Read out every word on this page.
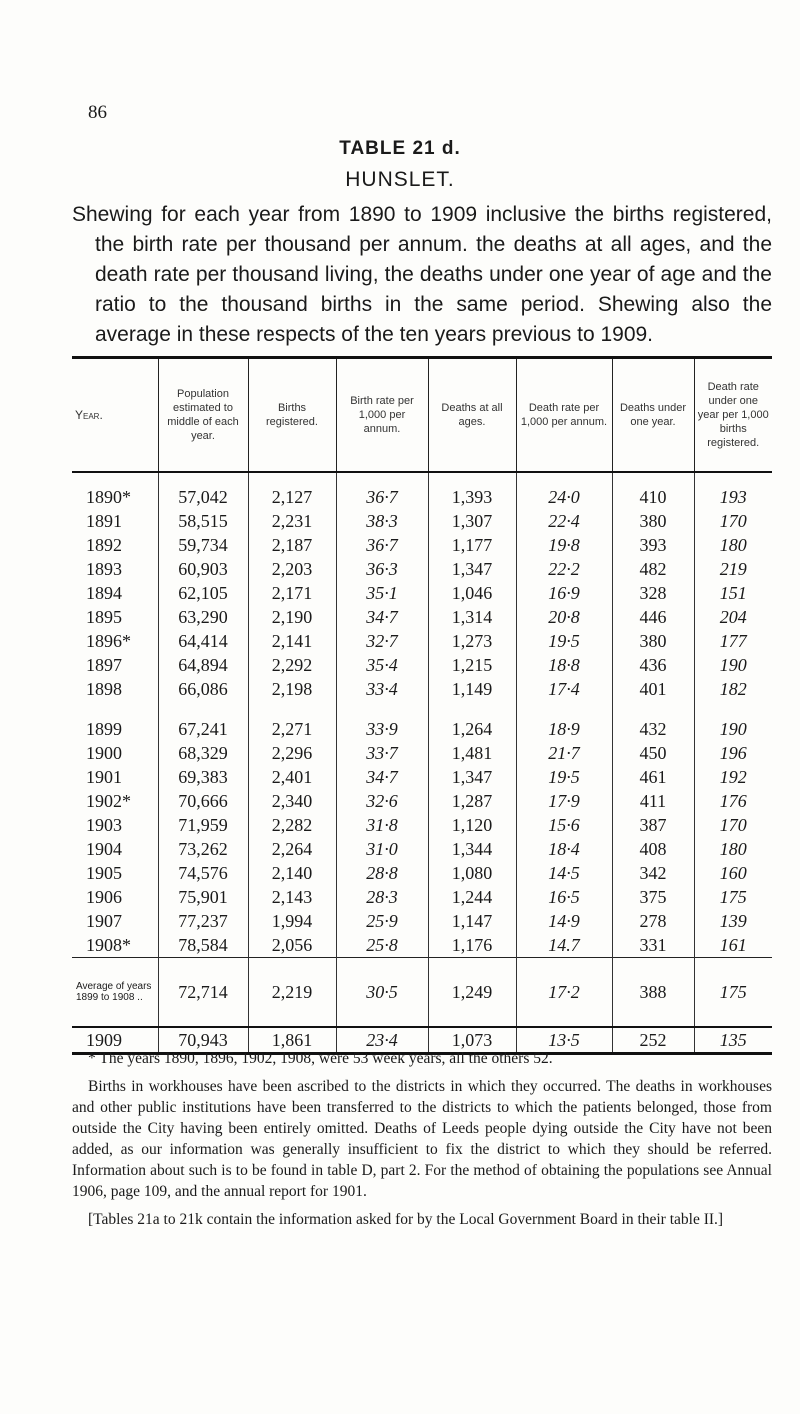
86
TABLE 21 d.
HUNSLET.
Shewing for each year from 1890 to 1909 inclusive the births registered, the birth rate per thousand per annum. the deaths at all ages, and the death rate per thousand living, the deaths under one year of age and the ratio to the thousand births in the same period. Shewing also the average in these respects of the ten years previous to 1909.
Year.	Population estimated to middle of each year.	Births registered.	Birth rate per 1,000 per annum.	Deaths at all ages.	Death rate per 1,000 per annum.	Deaths under one year.	Death rate under one year per 1,000 births registered.
1890*	57,042	2,127	36·7	1,393	24·0	410	193
1891	58,515	2,231	38·3	1,307	22·4	380	170
1892	59,734	2,187	36·7	1,177	19·8	393	180
1893	60,903	2,203	36·3	1,347	22·2	482	219
1894	62,105	2,171	35·1	1,046	16·9	328	151
1895	63,290	2,190	34·7	1,314	20·8	446	204
1896*	64,414	2,141	32·7	1,273	19·5	380	177
1897	64,894	2,292	35·4	1,215	18·8	436	190
1898	66,086	2,198	33·4	1,149	17·4	401	182
1899	67,241	2,271	33·9	1,264	18·9	432	190
1900	68,329	2,296	33·7	1,481	21·7	450	196
1901	69,383	2,401	34·7	1,347	19·5	461	192
1902*	70,666	2,340	32·6	1,287	17·9	411	176
1903	71,959	2,282	31·8	1,120	15·6	387	170
1904	73,262	2,264	31·0	1,344	18·4	408	180
1905	74,576	2,140	28·8	1,080	14·5	342	160
1906	75,901	2,143	28·3	1,244	16·5	375	175
1907	77,237	1,994	25·9	1,147	14·9	278	139
1908*	78,584	2,056	25·8	1,176	14.7	331	161
Average of years 1899 to 1908 ..	72,714	2,219	30·5	1,249	17·2	388	175
1909	70,943	1,861	23·4	1,073	13·5	252	135

* The years 1890, 1896, 1902, 1908, were 53 week years, all the others 52.

Births in workhouses have been ascribed to the districts in which they occurred. The deaths in workhouses and other public institutions have been transferred to the districts to which the patients belonged, those from outside the City having been entirely omitted. Deaths of Leeds people dying outside the City have not been added, as our information was generally insufficient to fix the district to which they should be referred. Information about such is to be found in table D, part 2. For the method of obtaining the populations see Annual 1906, page 109, and the annual report for 1901.

[Tables 21a to 21k contain the information asked for by the Local Government Board in their table II.]
